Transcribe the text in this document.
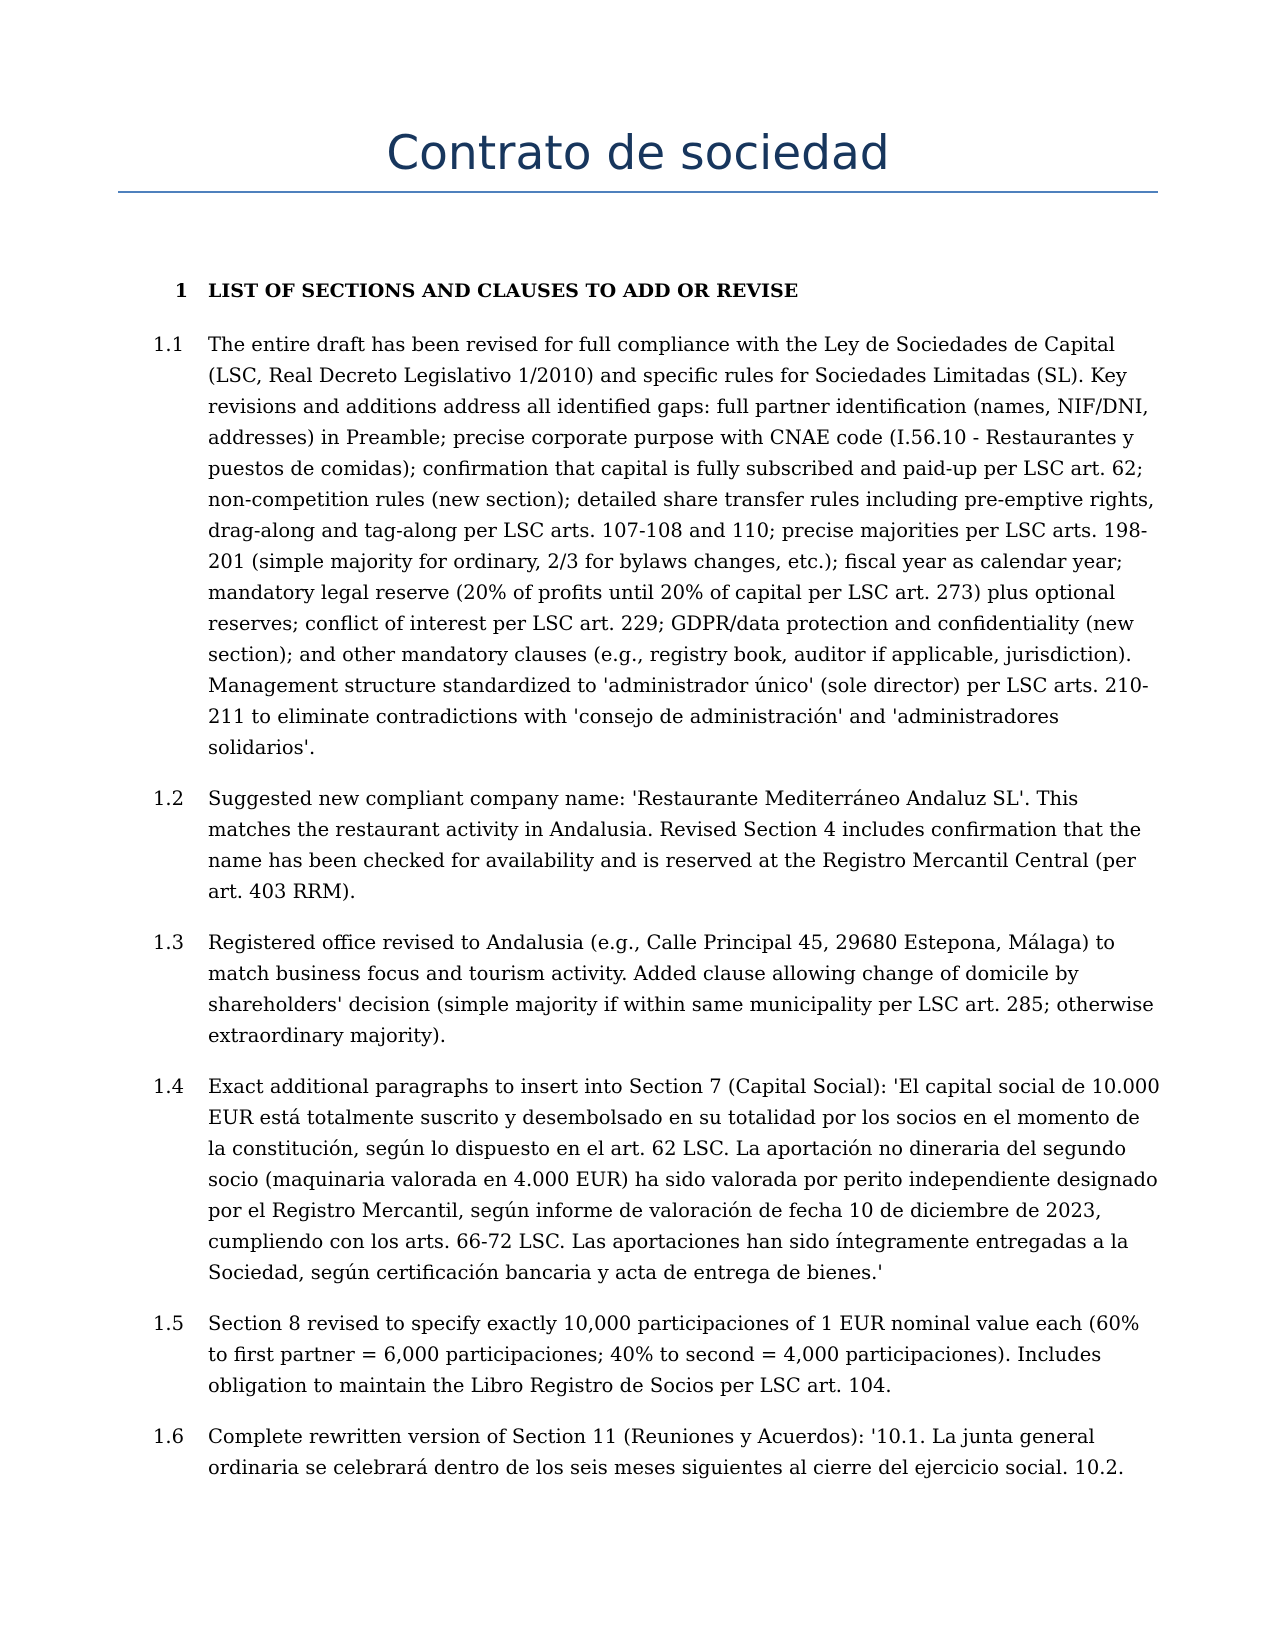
Contrato de sociedad
1	LIST OF SECTIONS AND CLAUSES TO ADD OR REVISE
1.1	The entire draft has been revised for full compliance with the Ley de Sociedades de Capital (LSC, Real Decreto Legislativo 1/2010) and specific rules for Sociedades Limitadas (SL). Key revisions and additions address all identified gaps: full partner identification (names, NIF/DNI, addresses) in Preamble; precise corporate purpose with CNAE code (I.56.10 - Restaurantes y puestos de comidas); confirmation that capital is fully subscribed and paid-up per LSC art. 62; non-competition rules (new section); detailed share transfer rules including pre-emptive rights, drag-along and tag-along per LSC arts. 107-108 and 110; precise majorities per LSC arts. 198-201 (simple majority for ordinary, 2/3 for bylaws changes, etc.); fiscal year as calendar year; mandatory legal reserve (20% of profits until 20% of capital per LSC art. 273) plus optional reserves; conflict of interest per LSC art. 229; GDPR/data protection and confidentiality (new section); and other mandatory clauses (e.g., registry book, auditor if applicable, jurisdiction). Management structure standardized to 'administrador único' (sole director) per LSC arts. 210-211 to eliminate contradictions with 'consejo de administración' and 'administradores solidarios'.
1.2	Suggested new compliant company name: 'Restaurante Mediterráneo Andaluz SL'. This matches the restaurant activity in Andalusia. Revised Section 4 includes confirmation that the name has been checked for availability and is reserved at the Registro Mercantil Central (per art. 403 RRM).
1.3	Registered office revised to Andalusia (e.g., Calle Principal 45, 29680 Estepona, Málaga) to match business focus and tourism activity. Added clause allowing change of domicile by shareholders' decision (simple majority if within same municipality per LSC art. 285; otherwise extraordinary majority).
1.4	Exact additional paragraphs to insert into Section 7 (Capital Social): 'El capital social de 10.000 EUR está totalmente suscrito y desembolsado en su totalidad por los socios en el momento de la constitución, según lo dispuesto en el art. 62 LSC. La aportación no dineraria del segundo socio (maquinaria valorada en 4.000 EUR) ha sido valorada por perito independiente designado por el Registro Mercantil, según informe de valoración de fecha 10 de diciembre de 2023, cumpliendo con los arts. 66-72 LSC. Las aportaciones han sido íntegramente entregadas a la Sociedad, según certificación bancaria y acta de entrega de bienes.'
1.5	Section 8 revised to specify exactly 10,000 participaciones of 1 EUR nominal value each (60% to first partner = 6,000 participaciones; 40% to second = 4,000 participaciones). Includes obligation to maintain the Libro Registro de Socios per LSC art. 104.
1.6	Complete rewritten version of Section 11 (Reuniones y Acuerdos): '10.1. La junta general ordinaria se celebrará dentro de los seis meses siguientes al cierre del ejercicio social. 10.2.
